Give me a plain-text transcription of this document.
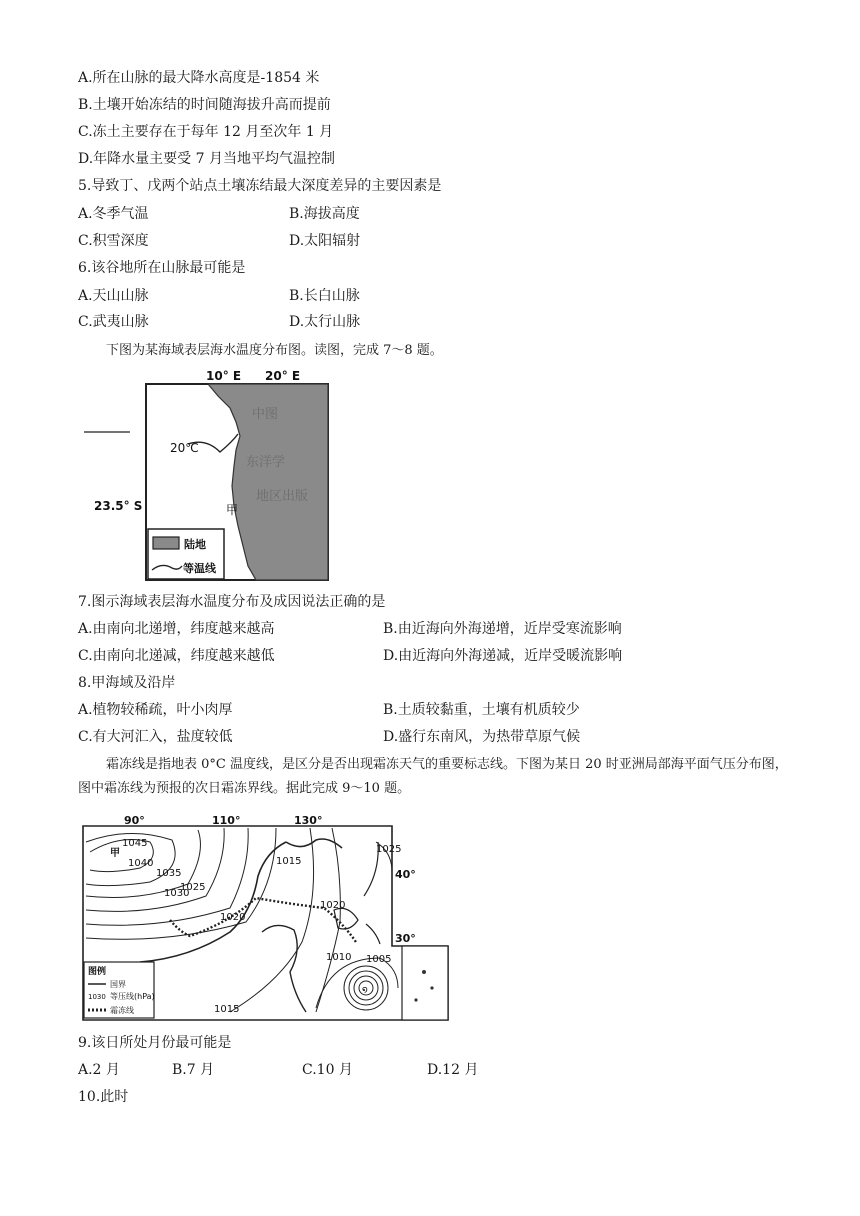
A.所在山脉的最大降水高度是-1854 米

B.土壤开始冻结的时间随海拔升高而提前

C.冻土主要存在于每年 12 月至次年 1 月

D.年降水量主要受 7 月当地平均气温控制

5.导致丁、戊两个站点土壤冻结最大深度差异的主要因素是

A.冬季气温	B.海拔高度

C.积雪深度	D.太阳辐射

6.该谷地所在山脉最可能是

A.天山山脉	B.长白山脉

C.武夷山脉	D.太行山脉

下图为某海域表层海水温度分布图。读图，完成 7～8 题。

中图
东洋学
地区出版
10° E 20° E
20℃
23.5° S	甲
陆地
等温线

7.图示海域表层海水温度分布及成因说法正确的是

A.由南向北递增，纬度越来越高	B.由近海向外海递增，近岸受寒流影响

C.由南向北递减，纬度越来越低	D.由近海向外海递减，近岸受暖流影响

8.甲海域及沿岸

A.植物较稀疏，叶小肉厚	B.土质较黏重，土壤有机质较少

C.有大河汇入，盐度较低	D.盛行东南风，为热带草原气候

霜冻线是指地表 0°C 温度线，是区分是否出现霜冻天气的重要标志线。下图为某日 20 时亚洲局部海平面气压分布图，图中霜冻线为预报的次日霜冻界线。据此完成 9～10 题。

໑
90°	110°	130°
40°
30°
1045
甲
1040
1035
1030
1025
1020
1015
1020
1025
1010 1005
1015
图例
国界
1030 等压线(hPa)
霜冻线

9.该日所处月份最可能是

A.2 月	B.7 月	C.10 月	D.12 月

10.此时
